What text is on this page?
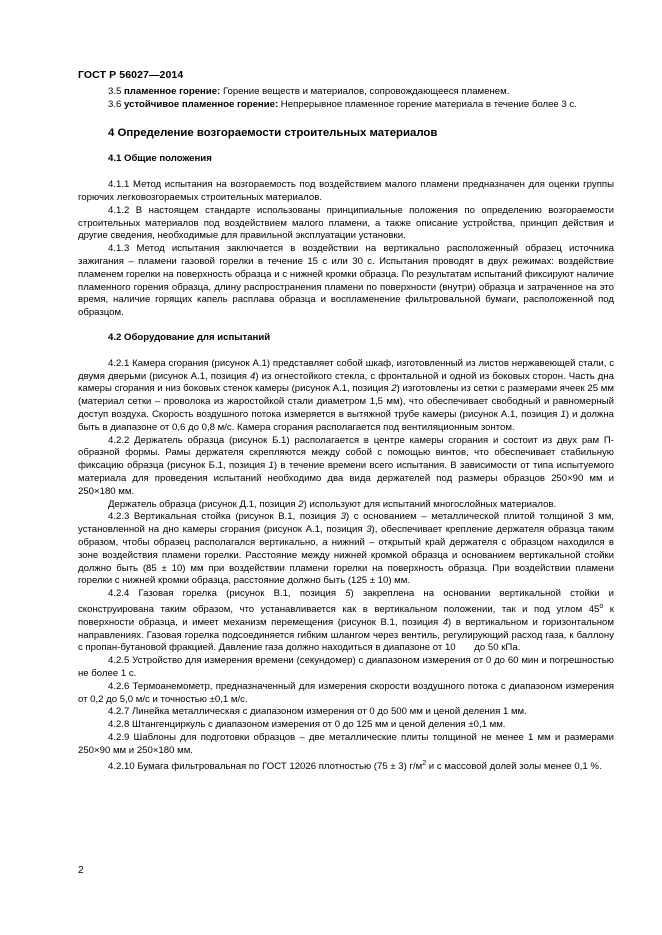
ГОСТ Р 56027—2014

3.5 пламенное горение: Горение веществ и материалов, сопровождающееся пламенем.

3.6 устойчивое пламенное горение: Непрерывное пламенное горение материала в течение более 3 с.

4 Определение возгораемости строительных материалов

4.1 Общие положения

4.1.1 Метод испытания на возгораемость под воздействием малого пламени предназначен для оценки группы горючих легковозгораемых строительных материалов.

4.1.2 В настоящем стандарте использованы принципиальные положения по определению возгораемости строительных материалов под воздействием малого пламени, а также описание устройства, принцип действия и другие сведения, необходимые для правильной эксплуатации установки.

4.1.3 Метод испытания заключается в воздействии на вертикально расположенный образец источника зажигания – пламени газовой горелки в течение 15 с или 30 с. Испытания проводят в двух режимах: воздействие пламенем горелки на поверхность образца и с нижней кромки образца. По результатам испытаний фиксируют наличие пламенного горения образца, длину распространения пламени по поверхности (внутри) образца и затраченное на это время, наличие горящих капель расплава образца и воспламенение фильтровальной бумаги, расположенной под образцом.

4.2 Оборудование для испытаний

4.2.1 Камера сгорания (рисунок А.1) представляет собой шкаф, изготовленный из листов нержавеющей стали, с двумя дверьми (рисунок А.1, позиция 4) из огнестойкого стекла, с фронтальной и одной из боковых сторон. Часть дна камеры сгорания и низ боковых стенок камеры (рисунок А.1, позиция 2) изготовлены из сетки с размерами ячеек 25 мм (материал сетки – проволока из жаростойкой стали диаметром 1,5 мм), что обеспечивает свободный и равномерный доступ воздуха. Скорость воздушного потока измеряется в вытяжной трубе камеры (рисунок А.1, позиция 1) и должна быть в диапазоне от 0,6 до 0,8 м/с. Камера сгорания располагается под вентиляционным зонтом.

4.2.2 Держатель образца (рисунок Б.1) располагается в центре камеры сгорания и состоит из двух рам П-образной формы. Рамы держателя скрепляются между собой с помощью винтов, что обеспечивает стабильную фиксацию образца (рисунок Б.1, позиция 1) в течение времени всего испытания. В зависимости от типа испытуемого материала для проведения испытаний необходимо два вида держателей под размеры образцов 250×90 мм и      250×180 мм.

Держатель образца (рисунок Д.1, позиция 2) используют для испытаний многослойных материалов.

4.2.3 Вертикальная стойка (рисунок В.1, позиция 3) с основанием – металлической плитой толщиной 3 мм, установленной на дно камеры сгорания (рисунок А.1, позиция 3), обеспечивает крепление держателя образца таким образом, чтобы образец располагался вертикально, а нижний – открытый край держателя с образцом находился в зоне воздействия пламени горелки. Расстояние между нижней кромкой образца и основанием вертикальной стойки должно быть (85 ± 10) мм при воздействии пламени горелки на поверхность образца. При воздействии пламени горелки с нижней кромки образца, расстояние должно быть (125 ± 10) мм.

4.2.4 Газовая горелка (рисунок В.1, позиция 5) закреплена на основании вертикальной стойки и сконструирована таким образом, что устанавливается как в вертикальном положении, так и под углом $45^о$ к поверхности образца, и имеет механизм перемещения (рисунок В.1, позиция 4) в вертикальном и горизонтальном направлениях. Газовая горелка подсоединяется гибким шлангом через вентиль, регулирующий расход газа, к баллону с пропан-бутановой фракцией. Давление газа должно находиться в диапазоне от 10       до 50 кПа.

4.2.5 Устройство для измерения времени (секундомер) с диапазоном измерения от 0 до 60 мин и погрешностью не более 1 с.

4.2.6 Термоанемометр, предназначенный для измерения скорости воздушного потока с диапазоном измерения от 0,2 до 5,0 м/с и точностью ±0,1 м/с.

4.2.7 Линейка металлическая с диапазоном измерения от 0 до 500 мм и ценой деления 1 мм.

4.2.8 Штангенциркуль с диапазоном измерения от 0 до 125 мм и ценой деления ±0,1 мм.

4.2.9 Шаблоны для подготовки образцов – две металлические плиты толщиной не менее 1 мм и размерами 250×90 мм и 250×180 мм.

4.2.10 Бумага фильтровальная по ГОСТ 12026 плотностью (75 ± 3) $г/м^2$ и с массовой долей золы менее 0,1 %.

2
